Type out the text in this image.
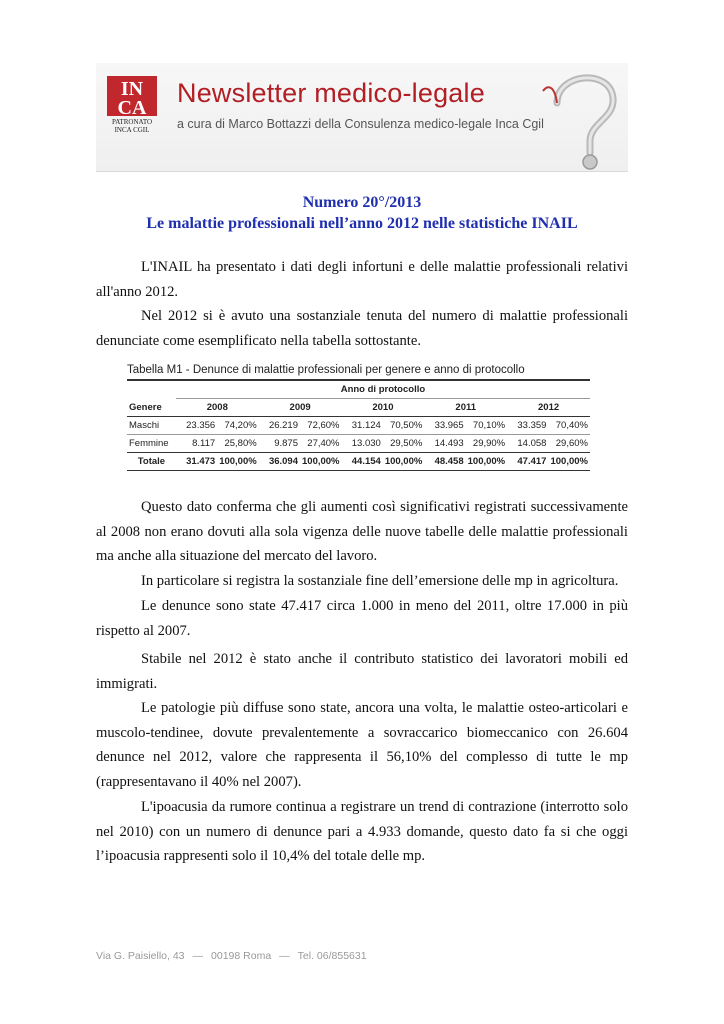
IN
CA
PATRONATO
INCA CGIL
Newsletter medico-legale
a cura di Marco Bottazzi della Consulenza medico-legale Inca Cgil
Numero 20°/2013
Le malattie professionali nell’anno 2012 nelle statistiche INAIL
L'INAIL ha presentato i dati degli infortuni e delle malattie professionali relativi all'anno 2012.
Nel 2012 si è avuto una sostanziale tenuta del numero di malattie professionali denunciate come esemplificato nella tabella sottostante.
Tabella M1 - Denunce di malattie professionali per genere e anno di protocollo
	Anno di protocollo									
Genere	2008		2009		2010		2011		2012	
Maschi	23.356	74,20%	26.219	72,60%	31.124	70,50%	33.965	70,10%	33.359	70,40%
Femmine	8.117	25,80%	9.875	27,40%	13.030	29,50%	14.493	29,90%	14.058	29,60%
Totale	31.473	100,00%	36.094	100,00%	44.154	100,00%	48.458	100,00%	47.417	100,00%
Questo dato conferma che gli aumenti così significativi registrati successivamente al 2008 non erano dovuti alla sola vigenza delle nuove tabelle delle malattie professionali ma anche alla situazione del mercato del lavoro.
In particolare si registra la sostanziale fine dell’emersione delle mp in agricoltura.
Le denunce sono state 47.417 circa 1.000 in meno del 2011, oltre 17.000 in più rispetto al 2007.
Stabile nel 2012 è stato anche il contributo statistico dei lavoratori mobili ed immigrati.
Le patologie più diffuse sono state, ancora una volta, le malattie osteo-articolari e muscolo-tendinee, dovute prevalentemente a sovraccarico biomeccanico con 26.604 denunce nel 2012, valore che rappresenta il 56,10% del complesso di tutte le mp (rappresentavano il 40% nel 2007).
L'ipoacusia da rumore continua a registrare un trend di contrazione (interrotto solo nel 2010) con un numero di denunce pari a 4.933 domande, questo dato fa si che oggi l’ipoacusia rappresenti solo il 10,4% del totale delle mp.
Via G. Paisiello, 43 — 00198 Roma — Tel. 06/855631
